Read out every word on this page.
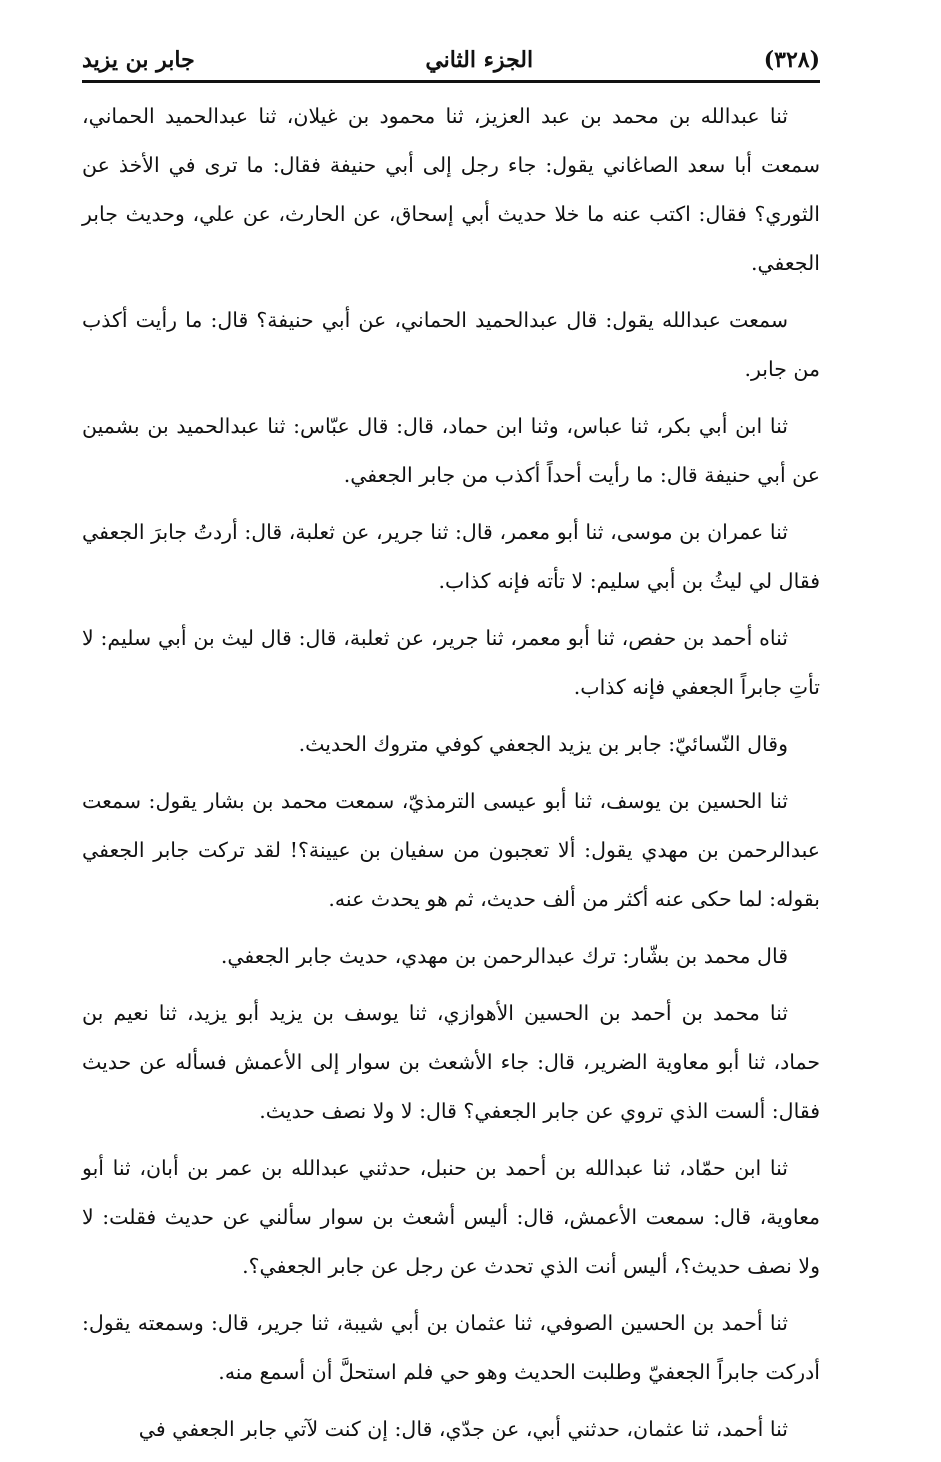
(٣٢٨)
الجزء الثاني
جابر بن يزيد

ثنا عبدالله بن محمد بن عبد العزيز، ثنا محمود بن غيلان، ثنا عبدالحميد الحماني، سمعت أبا سعد الصاغاني يقول: جاء رجل إلى أبي حنيفة فقال: ما ترى في الأخذ عن الثوري؟ فقال: اكتب عنه ما خلا حديث أبي إسحاق، عن الحارث، عن علي، وحديث جابر الجعفي.

سمعت عبدالله يقول: قال عبدالحميد الحماني، عن أبي حنيفة؟ قال: ما رأيت أكذب من جابر.

ثنا ابن أبي بكر، ثنا عباس، وثنا ابن حماد، قال: قال عبّاس: ثنا عبدالحميد بن بشمين عن أبي حنيفة قال: ما رأيت أحداً أكذب من جابر الجعفي.

ثنا عمران بن موسى، ثنا أبو معمر، قال: ثنا جرير، عن ثعلبة، قال: أردتُ جابرَ الجعفي فقال لي ليثُ بن أبي سليم: لا تأته فإنه كذاب.

ثناه أحمد بن حفص، ثنا أبو معمر، ثنا جرير، عن ثعلبة، قال: قال ليث بن أبي سليم: لا تأتِ جابراً الجعفي فإنه كذاب.

وقال النّسائيّ: جابر بن يزيد الجعفي كوفي متروك الحديث.

ثنا الحسين بن يوسف، ثنا أبو عيسى الترمذيّ، سمعت محمد بن بشار يقول: سمعت عبدالرحمن بن مهدي يقول: ألا تعجبون من سفيان بن عيينة؟! لقد تركت جابر الجعفي بقوله: لما حكى عنه أكثر من ألف حديث، ثم هو يحدث عنه.

قال محمد بن بشّار: ترك عبدالرحمن بن مهدي، حديث جابر الجعفي.

ثنا محمد بن أحمد بن الحسين الأهوازي، ثنا يوسف بن يزيد أبو يزيد، ثنا نعيم بن حماد، ثنا أبو معاوية الضرير، قال: جاء الأشعث بن سوار إلى الأعمش فسأله عن حديث فقال: ألست الذي تروي عن جابر الجعفي؟ قال: لا ولا نصف حديث.

ثنا ابن حمّاد، ثنا عبدالله بن أحمد بن حنبل، حدثني عبدالله بن عمر بن أبان، ثنا أبو معاوية، قال: سمعت الأعمش، قال: أليس أشعث بن سوار سألني عن حديث فقلت: لا ولا نصف حديث؟، أليس أنت الذي تحدث عن رجل عن جابر الجعفي؟.

ثنا أحمد بن الحسين الصوفي، ثنا عثمان بن أبي شيبة، ثنا جرير، قال: وسمعته يقول: أدركت جابراً الجعفيّ وطلبت الحديث وهو حي فلم استحلَّ أن أسمع منه.

ثنا أحمد، ثنا عثمان، حدثني أبي، عن جدّي، قال: إن كنت لآتي جابر الجعفي في
